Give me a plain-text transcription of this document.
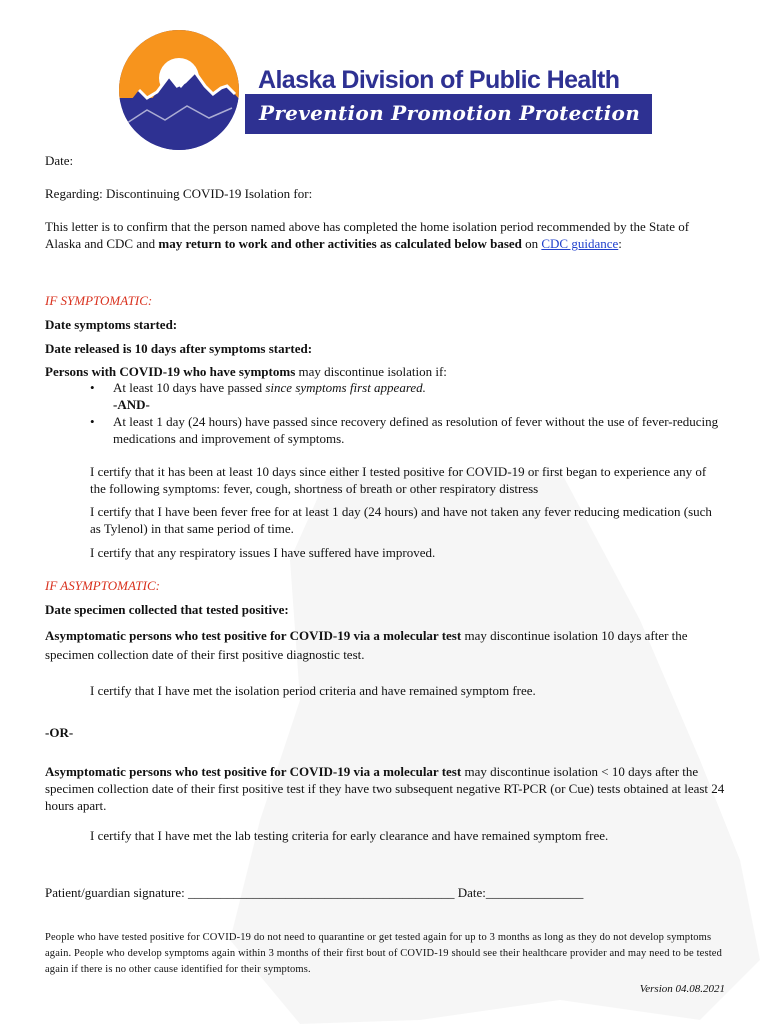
Alaska Division of Public Health
Prevention Promotion Protection
Date:
Regarding: Discontinuing COVID-19 Isolation for:
This letter is to confirm that the person named above has completed the home isolation period recommended by the State of Alaska and CDC and may return to work and other activities as calculated below based on CDC guidance:
IF SYMPTOMATIC:
Date symptoms started:
Date released is 10 days after symptoms started:
Persons with COVID-19 who have symptoms may discontinue isolation if:
• At least 10 days have passed since symptoms first appeared.
-AND-
• At least 1 day (24 hours) have passed since recovery defined as resolution of fever without the use of fever-reducing medications and improvement of symptoms.
I certify that it has been at least 10 days since either I tested positive for COVID-19 or first began to experience any of the following symptoms: fever, cough, shortness of breath or other respiratory distress
I certify that I have been fever free for at least 1 day (24 hours) and have not taken any fever reducing medication (such as Tylenol) in that same period of time.
I certify that any respiratory issues I have suffered have improved.
IF ASYMPTOMATIC:
Date specimen collected that tested positive:
Asymptomatic persons who test positive for COVID-19 via a molecular test may discontinue isolation 10 days after the specimen collection date of their first positive diagnostic test.
I certify that I have met the isolation period criteria and have remained symptom free.
-OR-
Asymptomatic persons who test positive for COVID-19 via a molecular test may discontinue isolation < 10 days after the specimen collection date of their first positive test if they have two subsequent negative RT-PCR (or Cue) tests obtained at least 24 hours apart.
I certify that I have met the lab testing criteria for early clearance and have remained symptom free.
Patient/guardian signature: _________________________________________ Date:_______________
People who have tested positive for COVID-19 do not need to quarantine or get tested again for up to 3 months as long as they do not develop symptoms again. People who develop symptoms again within 3 months of their first bout of COVID-19 should see their healthcare provider and may need to be tested again if there is no other cause identified for their symptoms.
Version 04.08.2021
